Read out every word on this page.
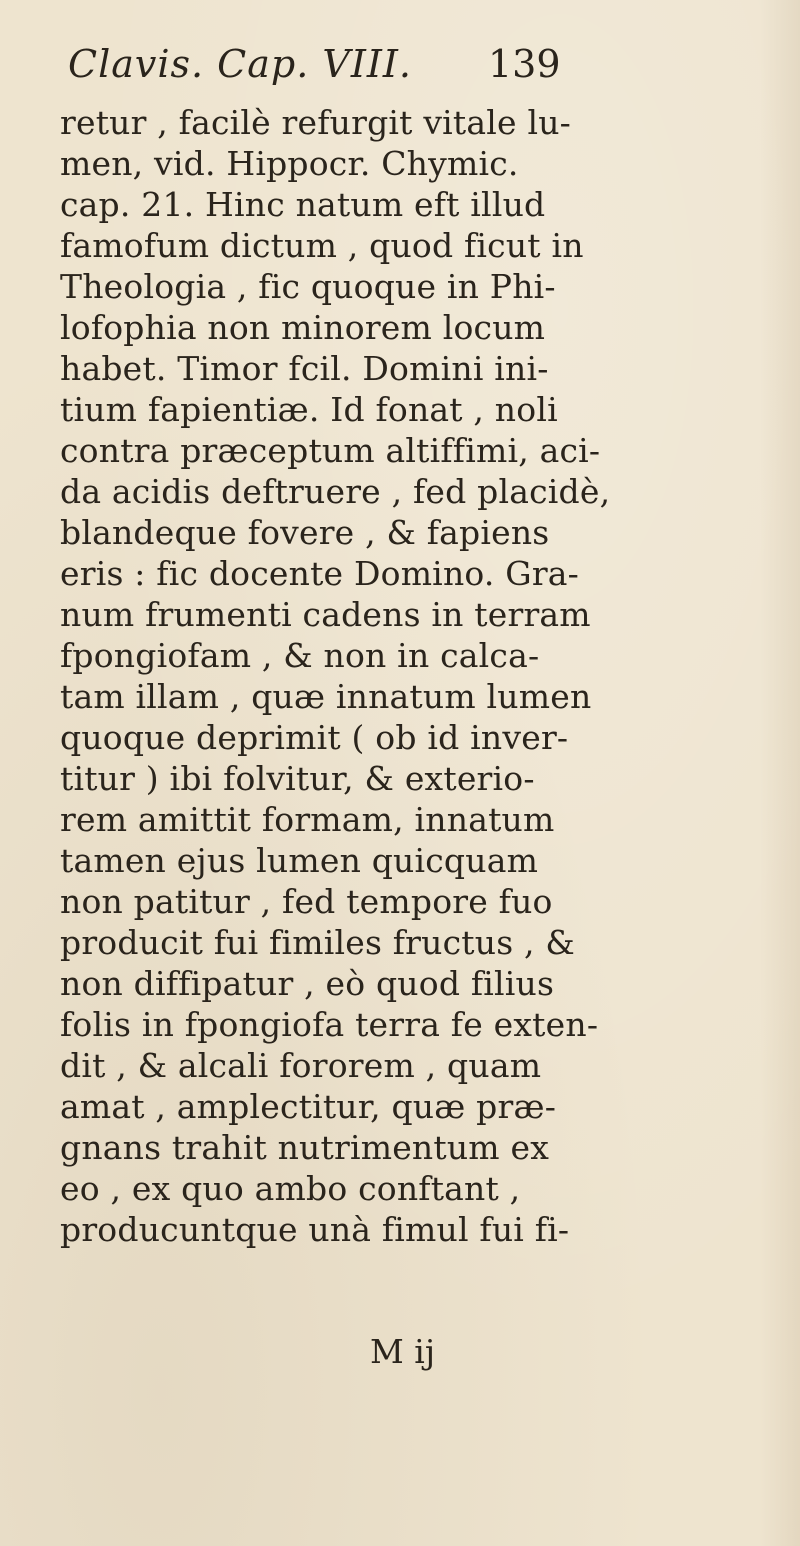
Clavis. Cap. VIII. 139
retur , facilè refurgit vitale lu-
men, vid. Hippocr. Chymic.
cap. 21. Hinc natum eft illud
famofum dictum , quod ficut in
Theologia , fic quoque in Phi-
lofophia non minorem locum
habet. Timor fcil. Domini ini-
tium fapientiæ. Id fonat , noli
contra præceptum altiffimi, aci-
da acidis deftruere , fed placidè,
blandeque fovere , & fapiens
eris : fic docente Domino. Gra-
num frumenti cadens in terram
fpongiofam , & non in calca-
tam illam , quæ innatum lumen
quoque deprimit ( ob id inver-
titur ) ibi folvitur, & exterio-
rem amittit formam, innatum
tamen ejus lumen quicquam
non patitur , fed tempore fuo
producit fui fimiles fructus , &
non diffipatur , eò quod filius
folis in fpongiofa terra fe exten-
dit , & alcali fororem , quam
amat , amplectitur, quæ præ-
gnans trahit nutrimentum ex
eo , ex quo ambo conftant ,
producuntque unà fimul fui fi-
M ij
